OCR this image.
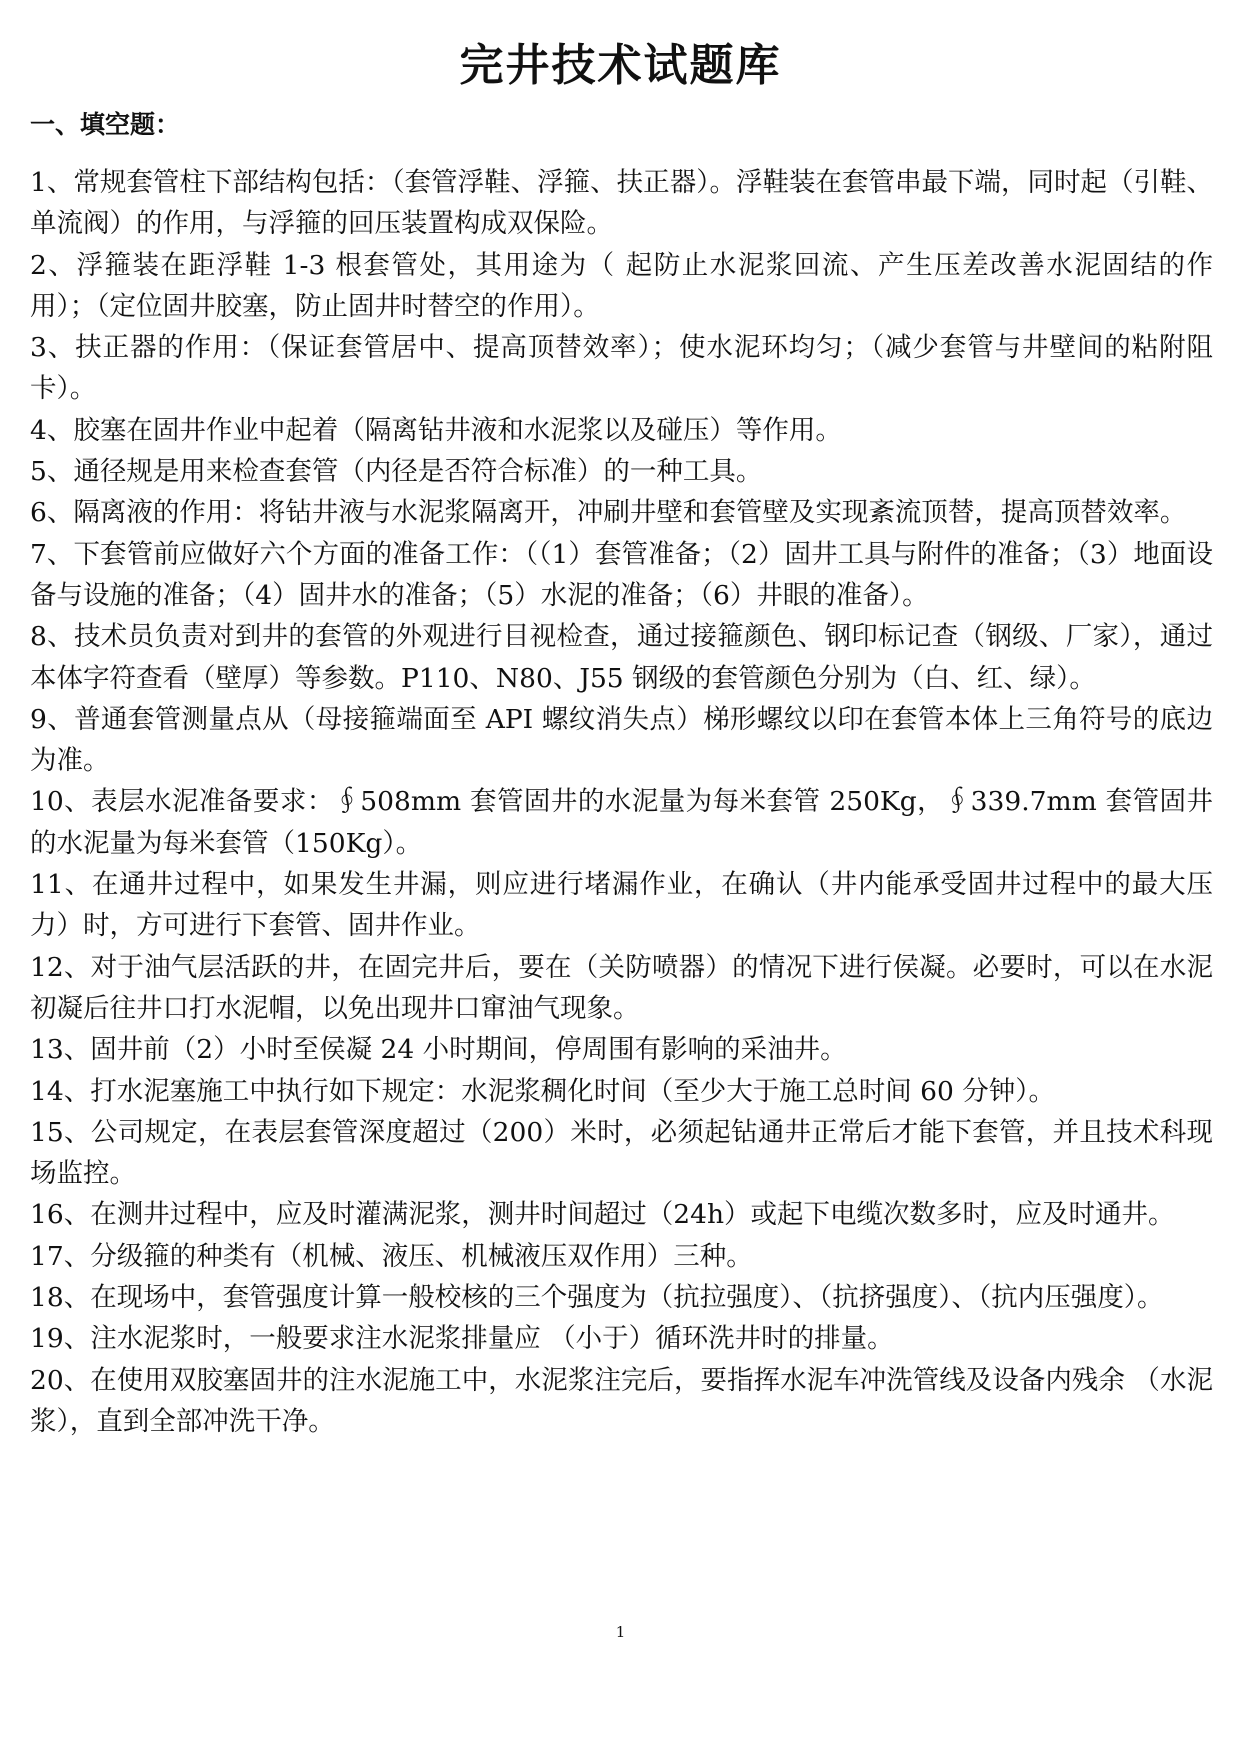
完井技术试题库
一、填空题：
1、常规套管柱下部结构包括：（套管浮鞋、浮箍、扶正器）。浮鞋装在套管串最下端，同时起（引鞋、单流阀）的作用，与浮箍的回压装置构成双保险。
2、浮箍装在距浮鞋 1-3 根套管处，其用途为（ 起防止水泥浆回流、产生压差改善水泥固结的作用）；（定位固井胶塞，防止固井时替空的作用）。
3、扶正器的作用：（保证套管居中、提高顶替效率）；使水泥环均匀；（减少套管与井壁间的粘附阻卡）。
4、胶塞在固井作业中起着（隔离钻井液和水泥浆以及碰压）等作用。
5、通径规是用来检查套管（内径是否符合标准）的一种工具。
6、隔离液的作用：将钻井液与水泥浆隔离开，冲刷井壁和套管壁及实现紊流顶替，提高顶替效率。
7、下套管前应做好六个方面的准备工作：（（1）套管准备；（2）固井工具与附件的准备；（3）地面设备与设施的准备；（4）固井水的准备；（5）水泥的准备；（6）井眼的准备）。
8、技术员负责对到井的套管的外观进行目视检查，通过接箍颜色、钢印标记查（钢级、厂家），通过本体字符查看（壁厚）等参数。P110、N80、J55 钢级的套管颜色分别为（白、红、绿）。
9、普通套管测量点从（母接箍端面至 API 螺纹消失点）梯形螺纹以印在套管本体上三角符号的底边为准。
10、表层水泥准备要求：∮508mm 套管固井的水泥量为每米套管 250Kg，∮339.7mm 套管固井的水泥量为每米套管（150Kg）。
11、在通井过程中，如果发生井漏，则应进行堵漏作业，在确认（井内能承受固井过程中的最大压力）时，方可进行下套管、固井作业。
12、对于油气层活跃的井，在固完井后，要在（关防喷器）的情况下进行侯凝。必要时，可以在水泥初凝后往井口打水泥帽，以免出现井口窜油气现象。
13、固井前（2）小时至侯凝 24 小时期间，停周围有影响的采油井。
14、打水泥塞施工中执行如下规定：水泥浆稠化时间（至少大于施工总时间 60 分钟）。
15、公司规定，在表层套管深度超过（200）米时，必须起钻通井正常后才能下套管，并且技术科现场监控。
16、在测井过程中，应及时灌满泥浆，测井时间超过（24h）或起下电缆次数多时，应及时通井。
17、分级箍的种类有（机械、液压、机械液压双作用）三种。
18、在现场中，套管强度计算一般校核的三个强度为（抗拉强度）、（抗挤强度）、（抗内压强度）。
19、注水泥浆时，一般要求注水泥浆排量应 （小于）循环洗井时的排量。
20、在使用双胶塞固井的注水泥施工中，水泥浆注完后，要指挥水泥车冲洗管线及设备内残余 （水泥浆），直到全部冲洗干净。
1
